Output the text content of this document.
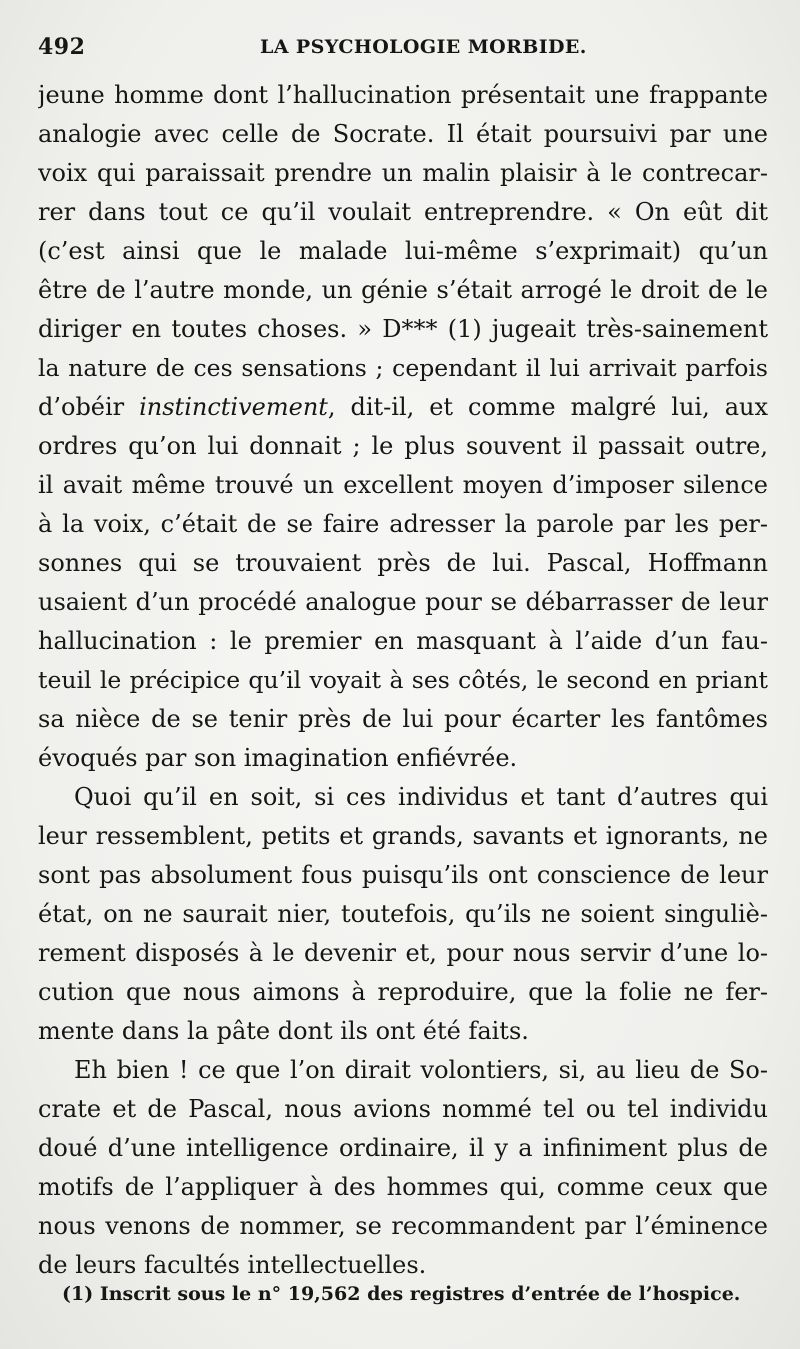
492	LA PSYCHOLOGIE MORBIDE.
jeune homme dont l’hallucination présentait une frappante
analogie avec celle de Socrate. Il était poursuivi par une
voix qui paraissait prendre un malin plaisir à le contrecar-
rer dans tout ce qu’il voulait entreprendre. « On eût dit
(c’est ainsi que le malade lui-même s’exprimait) qu’un
être de l’autre monde, un génie s’était arrogé le droit de le
diriger en toutes choses. » D*** (1) jugeait très-sainement
la nature de ces sensations ; cependant il lui arrivait parfois
d’obéir instinctivement, dit-il, et comme malgré lui, aux
ordres qu’on lui donnait ; le plus souvent il passait outre,
il avait même trouvé un excellent moyen d’imposer silence
à la voix, c’était de se faire adresser la parole par les per-
sonnes qui se trouvaient près de lui. Pascal, Hoffmann
usaient d’un procédé analogue pour se débarrasser de leur
hallucination : le premier en masquant à l’aide d’un fau-
teuil le précipice qu’il voyait à ses côtés, le second en priant
sa nièce de se tenir près de lui pour écarter les fantômes
évoqués par son imagination enfiévrée.
Quoi qu’il en soit, si ces individus et tant d’autres qui
leur ressemblent, petits et grands, savants et ignorants, ne
sont pas absolument fous puisqu’ils ont conscience de leur
état, on ne saurait nier, toutefois, qu’ils ne soient singuliè-
rement disposés à le devenir et, pour nous servir d’une lo-
cution que nous aimons à reproduire, que la folie ne fer-
mente dans la pâte dont ils ont été faits.
Eh bien ! ce que l’on dirait volontiers, si, au lieu de So-
crate et de Pascal, nous avions nommé tel ou tel individu
doué d’une intelligence ordinaire, il y a infiniment plus de
motifs de l’appliquer à des hommes qui, comme ceux que
nous venons de nommer, se recommandent par l’éminence
de leurs facultés intellectuelles.
(1) Inscrit sous le n° 19,562 des registres d’entrée de l’hospice.
